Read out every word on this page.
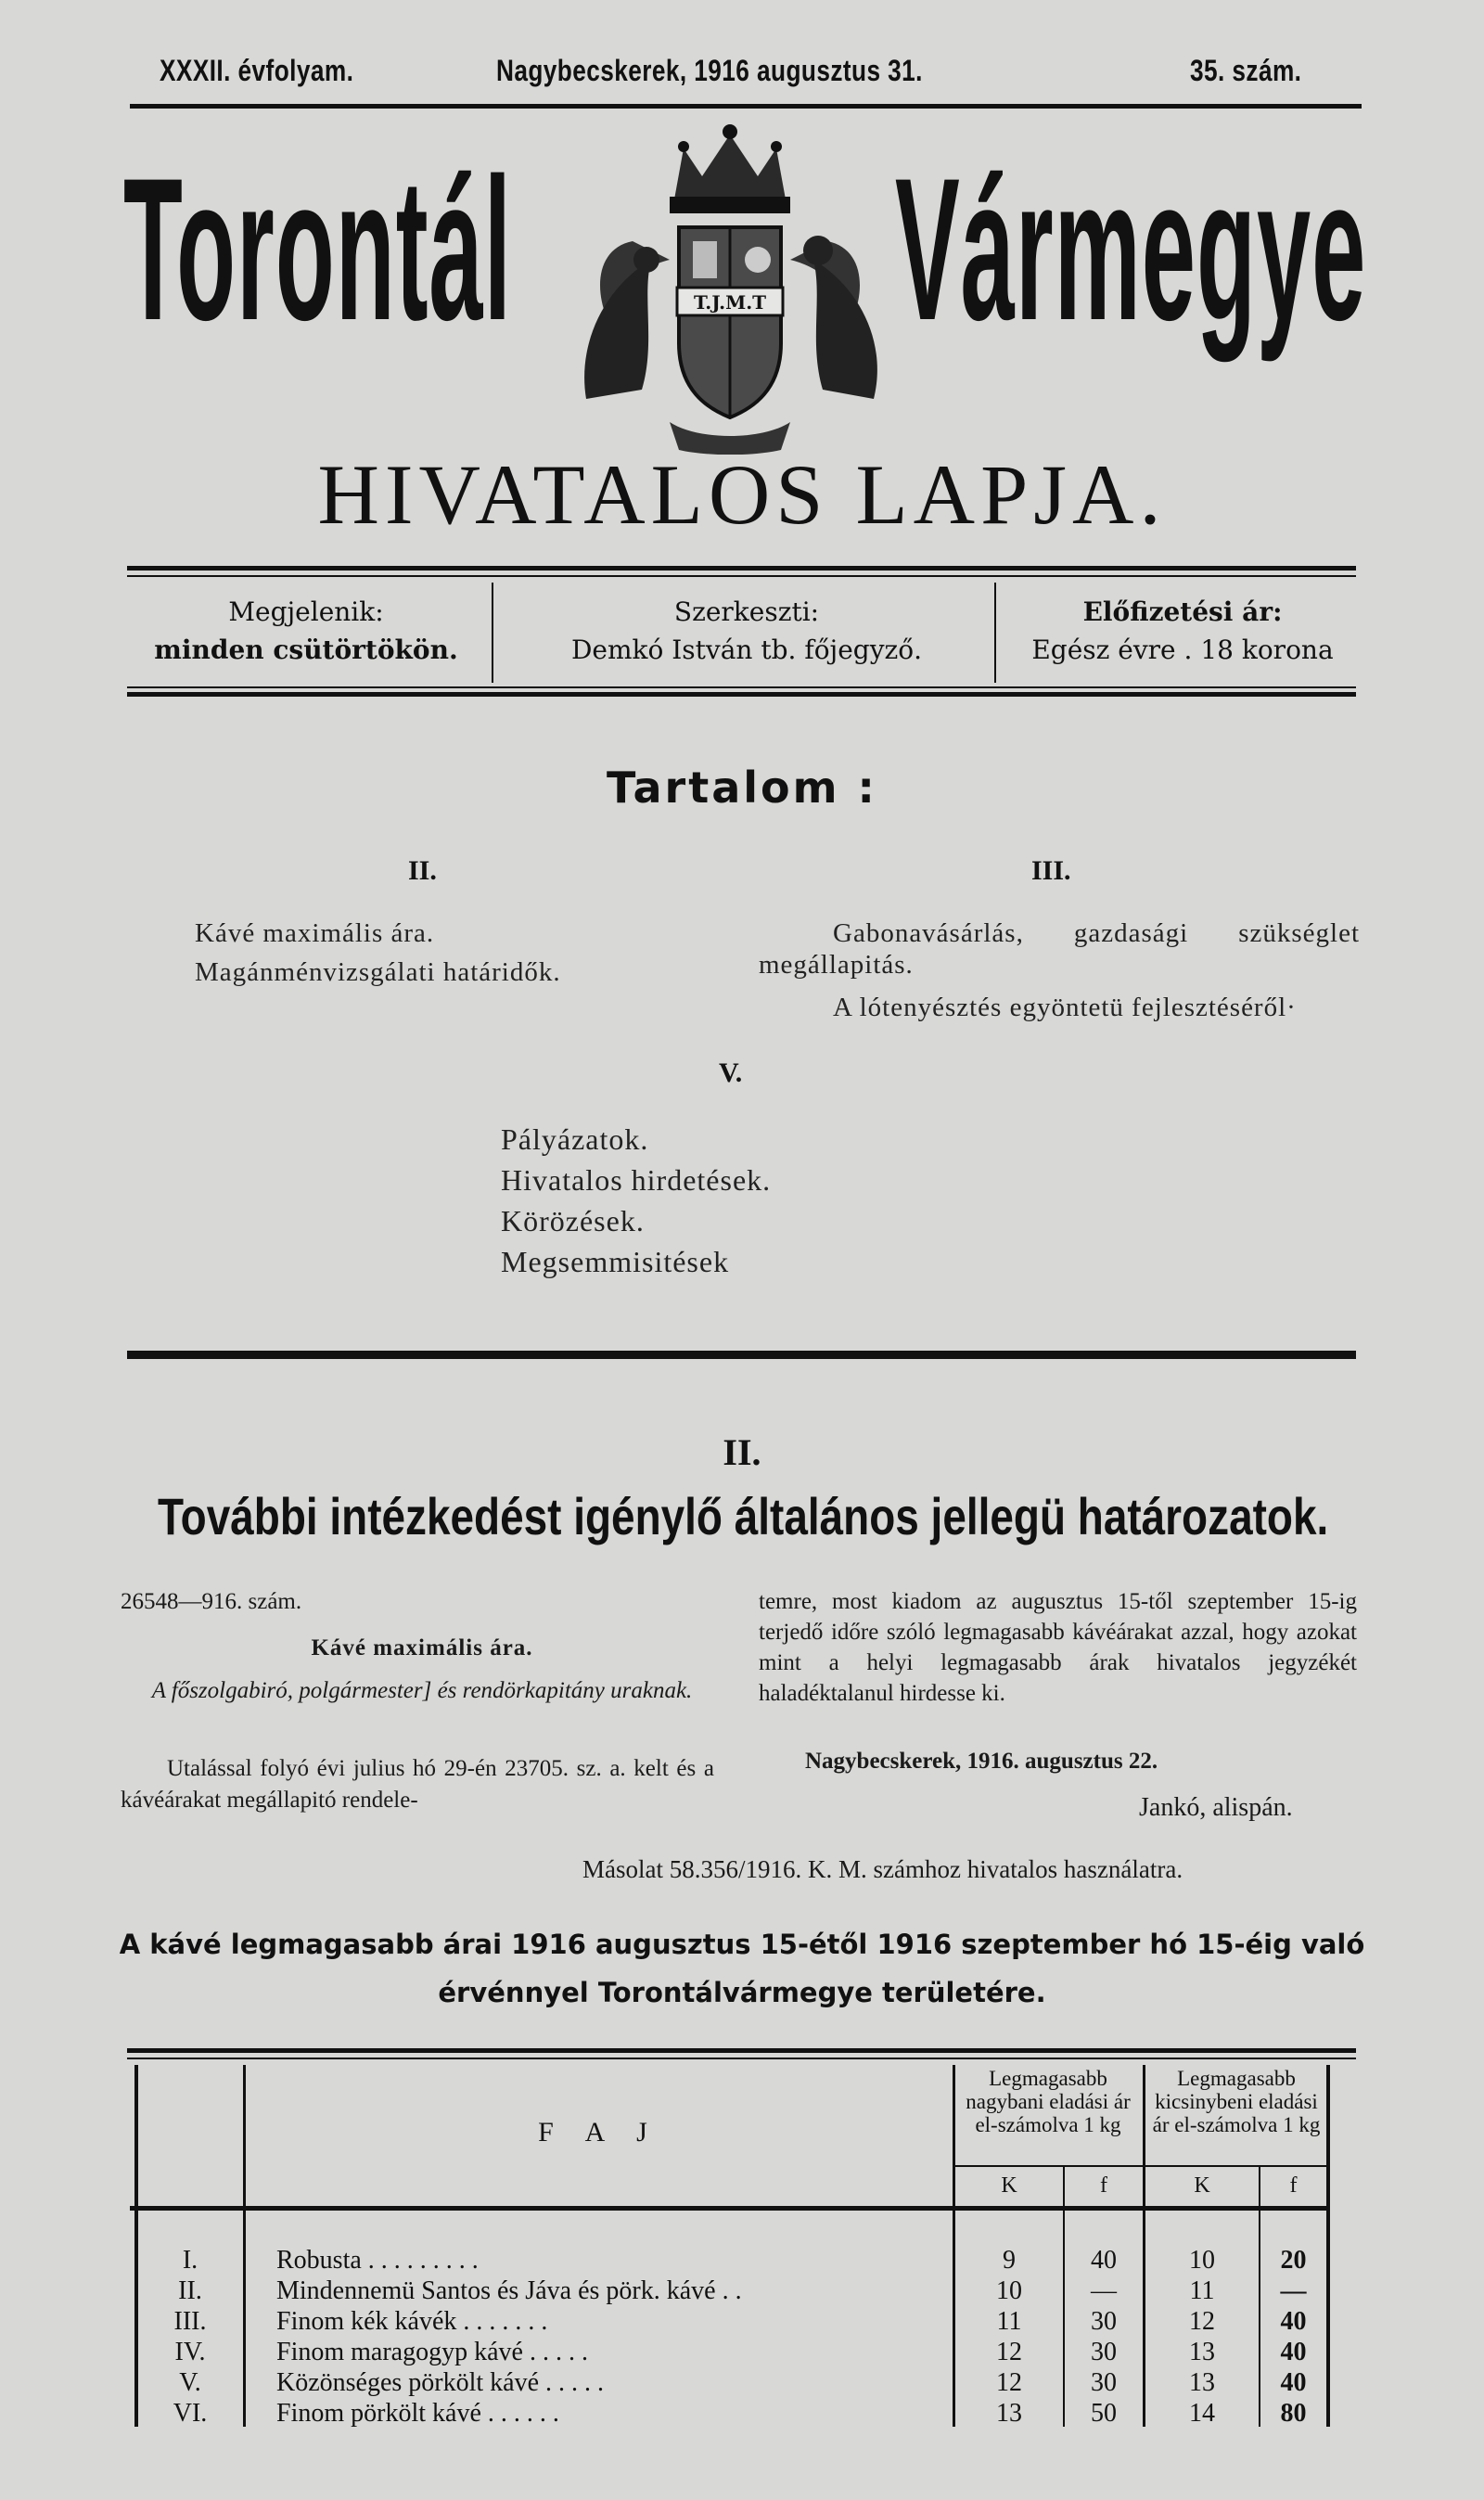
XXXII. évfolyam.	Nagybecskerek, 1916 augusztus 31.	35. szám.
Torontál Vármegye
T.J.M.T
HIVATALOS LAPJA.
Megjelenik:
minden csütörtökön.
Szerkeszti:
Demkó István tb. főjegyző.
Előfizetési ár:
Egész évre . 18 korona
Tartalom :
II.
Kávé maximális ára.
Magánménvizsgálati határidők.
III.
Gabonavásárlás, gazdasági szükséglet
megállapitás.
A lótenyésztés egyöntetü fejlesztéséről·
V.
Pályázatok.
Hivatalos hirdetések.
Körözések.
Megsemmisitések
II.
További intézkedést igénylő általános jellegü határozatok.
26548—916. szám.
Kávé maximális ára.
A főszolgabiró, polgármester] és rendörkapitány uraknak.
Utalással folyó évi julius hó 29-én 23705. sz. a. kelt és a kávéárakat megállapitó rendele-
temre, most kiadom az augusztus 15-től szeptember 15-ig terjedő időre szóló legmagasabb kávéárakat azzal, hogy azokat mint a helyi legmagasabb árak hivatalos jegyzékét haladéktalanul hirdesse ki.
Nagybecskerek, 1916. augusztus 22.
Jankó, alispán.
Másolat 58.356/1916. K. M. számhoz hivatalos használatra.
A kávé legmagasabb árai 1916 augusztus 15-étől 1916 szeptember hó 15-éig való
érvénnyel Torontálvármegye területére.
F A J
Legmagasabb nagybani eladási ár el-számolva 1 kg
Legmagasabb kicsinybeni eladási ár el-számolva 1 kg
K	f	K	f
I.	Robusta . . . . . . . . .	9	40	10	20
II.	Mindennemü Santos és Jáva és pörk. kávé . .	10	—	11	—
III.	Finom kék kávék . . . . . . .	11	30	12	40
IV.	Finom maragogyp kávé . . . . .	12	30	13	40
V.	Közönséges pörkölt kávé . . . . .	12	30	13	40
VI.	Finom pörkölt kávé . . . . . .	13	50	14	80
